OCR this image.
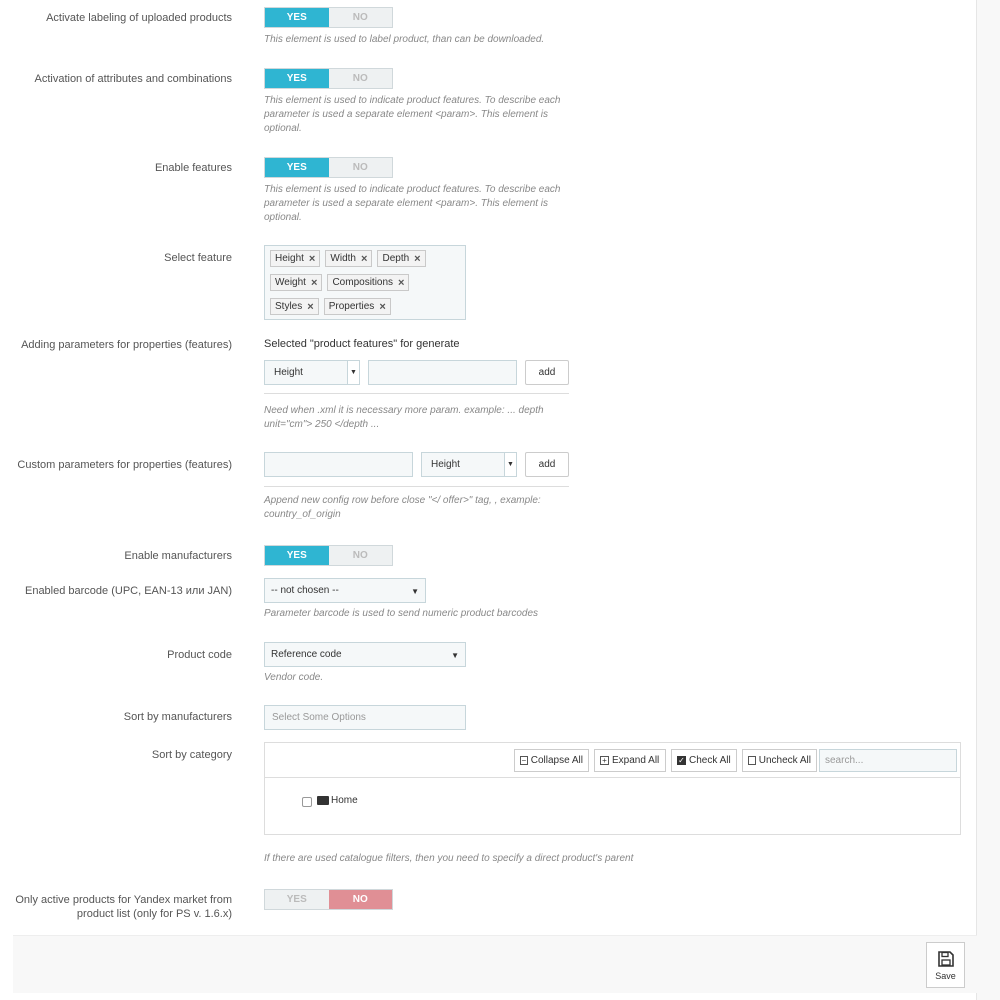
Activate labeling of uploaded products	YES	NO
This element is used to label product, than can be downloaded.
Activation of attributes and combinations	YES	NO
This element is used to indicate product features. To describe each parameter is used a separate element <param>. This element is optional.
Enable features	YES	NO
This element is used to indicate product features. To describe each parameter is used a separate element <param>. This element is optional.
Select feature	Height ×
Width ×
Depth ×

Weight ×
Compositions ×

Styles ×
Properties ×
Adding parameters for properties (features)	Selected "product features" for generate
Height	▼	add
Need when .xml it is necessary more param. example: ... depth unit="cm"> 250 </depth ...
Custom parameters for properties (features)	Height	▼	add
Append new config row before close "</ offer>" tag, , example: country_of_origin
Enable manufacturers	YES	NO
Enabled barcode (UPC, EAN-13 или JAN)	-- not chosen --	▼
Parameter barcode is used to send numeric product barcodes
Product code	Reference code	▼
Vendor code.
Sort by manufacturers	Select Some Options
Sort by category	− Collapse All + Expand All ✓ Check All	Uncheck All	search...
Home
If there are used catalogue filters, then you need to specify a direct product's parent
Only active products for Yandex market from
product list (only for PS v. 1.6.x)
YES	NO
Save
